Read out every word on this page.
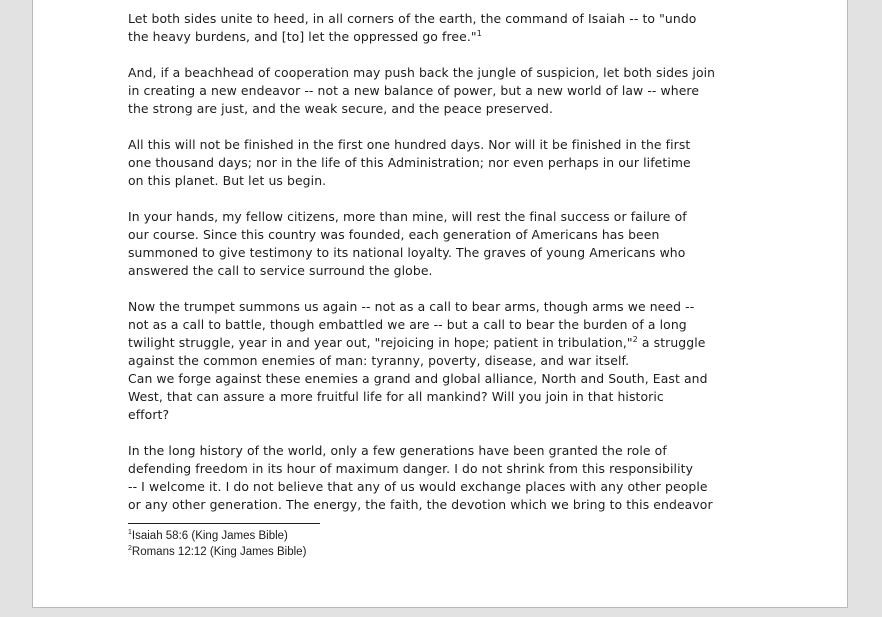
Let both sides unite to heed, in all corners of the earth, the command of Isaiah -- to "undo

the heavy burdens, and [to] let the oppressed go free."$^1$

And, if a beachhead of cooperation may push back the jungle of suspicion, let both sides join

in creating a new endeavor -- not a new balance of power, but a new world of law -- where

the strong are just, and the weak secure, and the peace preserved.

All this will not be finished in the first one hundred days. Nor will it be finished in the first

one thousand days; nor in the life of this Administration; nor even perhaps in our lifetime

on this planet. But let us begin.

In your hands, my fellow citizens, more than mine, will rest the final success or failure of

our course. Since this country was founded, each generation of Americans has been

summoned to give testimony to its national loyalty. The graves of young Americans who

answered the call to service surround the globe.

Now the trumpet summons us again -- not as a call to bear arms, though arms we need --

not as a call to battle, though embattled we are -- but a call to bear the burden of a long

twilight struggle, year in and year out, "rejoicing in hope; patient in tribulation,"$^2$ a struggle

against the common enemies of man: tyranny, poverty, disease, and war itself.

Can we forge against these enemies a grand and global alliance, North and South, East and

West, that can assure a more fruitful life for all mankind? Will you join in that historic

effort?

In the long history of the world, only a few generations have been granted the role of

defending freedom in its hour of maximum danger. I do not shrink from this responsibility

-- I welcome it. I do not believe that any of us would exchange places with any other people

or any other generation. The energy, the faith, the devotion which we bring to this endeavor

$^1$Isaiah 58:6 (King James Bible)
$^2$Romans 12:12 (King James Bible)
